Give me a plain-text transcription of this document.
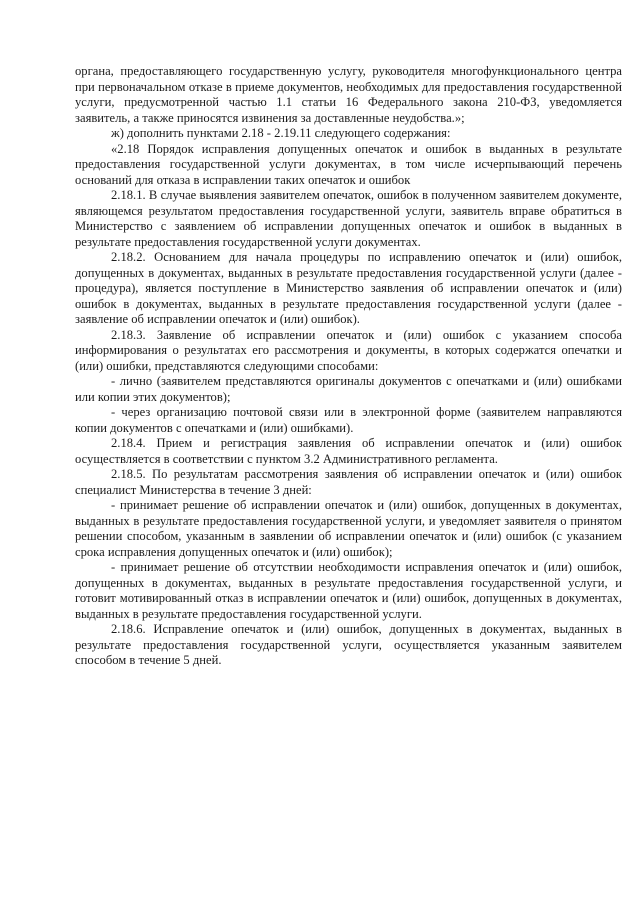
органа, предоставляющего государственную услугу, руководителя многофункционального центра при первоначальном отказе в приеме документов, необходимых для предоставления государственной услуги, предусмотренной частью 1.1 статьи 16 Федерального закона 210-ФЗ, уведомляется заявитель, а также приносятся извинения за доставленные неудобства.»;

ж) дополнить пунктами 2.18 - 2.19.11 следующего содержания:

«2.18 Порядок исправления допущенных опечаток и ошибок в выданных в результате предоставления государственной услуги документах, в том числе исчерпывающий перечень оснований для отказа в исправлении таких опечаток и ошибок

2.18.1. В случае выявления заявителем опечаток, ошибок в полученном заявителем документе, являющемся результатом предоставления государственной услуги, заявитель вправе обратиться в Министерство с заявлением об исправлении допущенных опечаток и ошибок в выданных в результате предоставления государственной услуги документах.

2.18.2. Основанием для начала процедуры по исправлению опечаток и (или) ошибок, допущенных в документах, выданных в результате предоставления государственной услуги (далее - процедура), является поступление в Министерство заявления об исправлении опечаток и (или) ошибок в документах, выданных в результате предоставления государственной услуги (далее - заявление об исправлении опечаток и (или) ошибок).

2.18.3. Заявление об исправлении опечаток и (или) ошибок с указанием способа информирования о результатах его рассмотрения и документы, в которых содержатся опечатки и (или) ошибки, представляются следующими способами:

- лично (заявителем представляются оригиналы документов с опечатками и (или) ошибками или копии этих документов);

- через организацию почтовой связи или в электронной форме (заявителем направляются копии документов с опечатками и (или) ошибками).

2.18.4. Прием и регистрация заявления об исправлении опечаток и (или) ошибок осуществляется в соответствии с пунктом 3.2 Административного регламента.

2.18.5. По результатам рассмотрения заявления об исправлении опечаток и (или) ошибок специалист Министерства в течение 3 дней:

- принимает решение об исправлении опечаток и (или) ошибок, допущенных в документах, выданных в результате предоставления государственной услуги, и уведомляет заявителя о принятом решении способом, указанным в заявлении об исправлении опечаток и (или) ошибок (с указанием срока исправления допущенных опечаток и (или) ошибок);

- принимает решение об отсутствии необходимости исправления опечаток и (или) ошибок, допущенных в документах, выданных в результате предоставления государственной услуги, и готовит мотивированный отказ в исправлении опечаток и (или) ошибок, допущенных в документах, выданных в результате предоставления государственной услуги.

2.18.6. Исправление опечаток и (или) ошибок, допущенных в документах, выданных в результате предоставления государственной услуги, осуществляется указанным заявителем способом в течение 5 дней.
